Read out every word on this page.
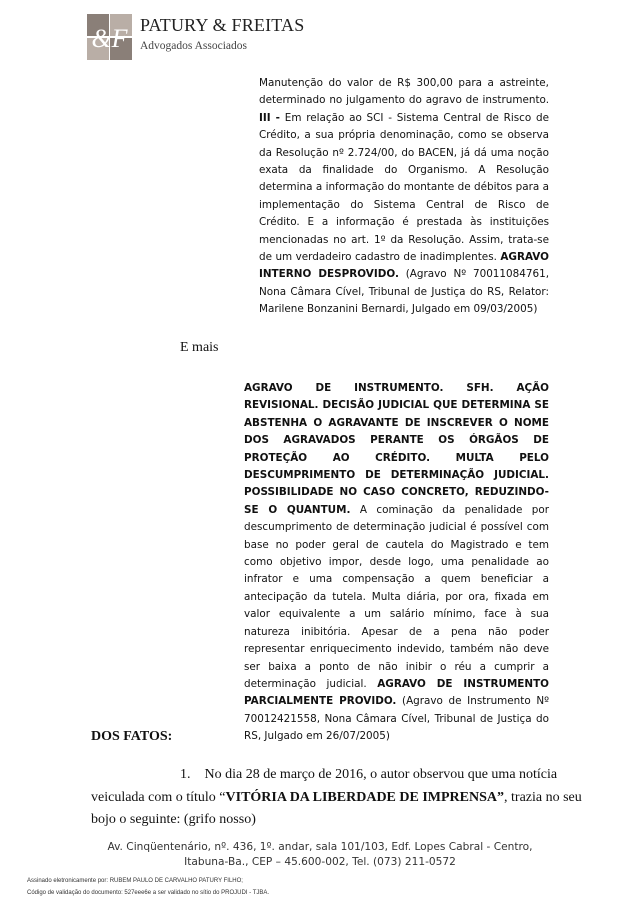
&F PATURY & FREITAS
Advogados Associados
Manutenção do valor de R$ 300,00 para a astreinte, determinado no julgamento do agravo de instrumento. III - Em relação ao SCI - Sistema Central de Risco de Crédito, a sua própria denominação, como se observa da Resolução nº 2.724/00, do BACEN, já dá uma noção exata da finalidade do Organismo. A Resolução determina a informação do montante de débitos para a implementação do Sistema Central de Risco de Crédito. E a informação é prestada às instituições mencionadas no art. 1º da Resolução. Assim, trata-se de um verdadeiro cadastro de inadimplentes. AGRAVO INTERNO DESPROVIDO. (Agravo Nº 70011084761, Nona Câmara Cível, Tribunal de Justiça do RS, Relator: Marilene Bonzanini Bernardi, Julgado em 09/03/2005)
E mais
AGRAVO DE INSTRUMENTO. SFH. AÇÃO REVISIONAL. DECISÃO JUDICIAL QUE DETERMINA SE ABSTENHA O AGRAVANTE DE INSCREVER O NOME DOS AGRAVADOS PERANTE OS ÓRGÃOS DE PROTEÇÃO AO CRÉDITO. MULTA PELO DESCUMPRIMENTO DE DETERMINAÇÃO JUDICIAL. POSSIBILIDADE NO CASO CONCRETO, REDUZINDO-SE O QUANTUM. A cominação da penalidade por descumprimento de determinação judicial é possível com base no poder geral de cautela do Magistrado e tem como objetivo impor, desde logo, uma penalidade ao infrator e uma compensação a quem beneficiar a antecipação da tutela. Multa diária, por ora, fixada em valor equivalente a um salário mínimo, face à sua natureza inibitória. Apesar de a pena não poder representar enriquecimento indevido, também não deve ser baixa a ponto de não inibir o réu a cumprir a determinação judicial. AGRAVO DE INSTRUMENTO PARCIALMENTE PROVIDO. (Agravo de Instrumento Nº 70012421558, Nona Câmara Cível, Tribunal de Justiça do RS, Julgado em 26/07/2005)
DOS FATOS:
1.    No dia 28 de março de 2016, o autor observou que uma notícia
veiculada com o título “VITÓRIA DA LIBERDADE DE IMPRENSA”, trazia no seu
bojo o seguinte: (grifo nosso)
Av. Cinqüentenário, nº. 436, 1º. andar, sala 101/103, Edf. Lopes Cabral - Centro,
Itabuna-Ba., CEP – 45.600-002, Tel. (073) 211-0572
Assinado eletronicamente por: RUBEM PAULO DE CARVALHO PATURY FILHO;
Código de validação do documento: 527eee6e a ser validado no sítio do PROJUDI - TJBA.
